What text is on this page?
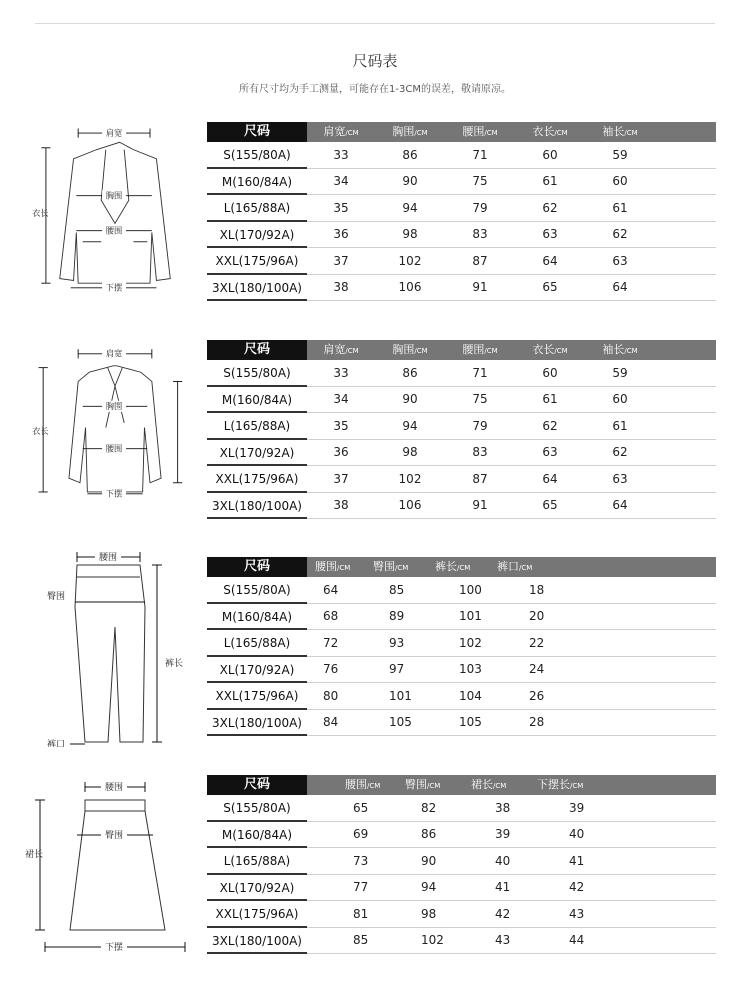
尺码表
所有尺寸均为手工测量，可能存在1-3CM的误差，敬请原凉。
肩宽
胸围
腰围
衣长
下摆
尺码	肩宽/CM	胸围/CM	腰围/CM	衣长/CM	袖长/CM
S(155/80A)	33	86	71	60	59
M(160/84A)	34	90	75	61	60
L(165/88A)	35	94	79	62	61
XL(170/92A)	36	98	83	63	62
XXL(175/96A)	37	102	87	64	63
3XL(180/100A)	38	106	91	65	64
肩宽
胸围
腰围
衣长
下摆
尺码	肩宽/CM	胸围/CM	腰围/CM	衣长/CM	袖长/CM
S(155/80A)	33	86	71	60	59
M(160/84A)	34	90	75	61	60
L(165/88A)	35	94	79	62	61
XL(170/92A)	36	98	83	63	62
XXL(175/96A)	37	102	87	64	63
3XL(180/100A)	38	106	91	65	64
腰围
臀围
裤长
裤口
尺码	腰围/CM	臀围/CM	裤长/CM	裤口/CM
S(155/80A)	64	85	100	18
M(160/84A)	68	89	101	20
L(165/88A)	72	93	102	22
XL(170/92A)	76	97	103	24
XXL(175/96A)	80	101	104	26
3XL(180/100A)	84	105	105	28
腰围
臀围
裙长
下摆
尺码	腰围/CM	臀围/CM	裙长/CM	下摆长/CM
S(155/80A)	65	82	38	39
M(160/84A)	69	86	39	40
L(165/88A)	73	90	40	41
XL(170/92A)	77	94	41	42
XXL(175/96A)	81	98	42	43
3XL(180/100A)	85	102	43	44
